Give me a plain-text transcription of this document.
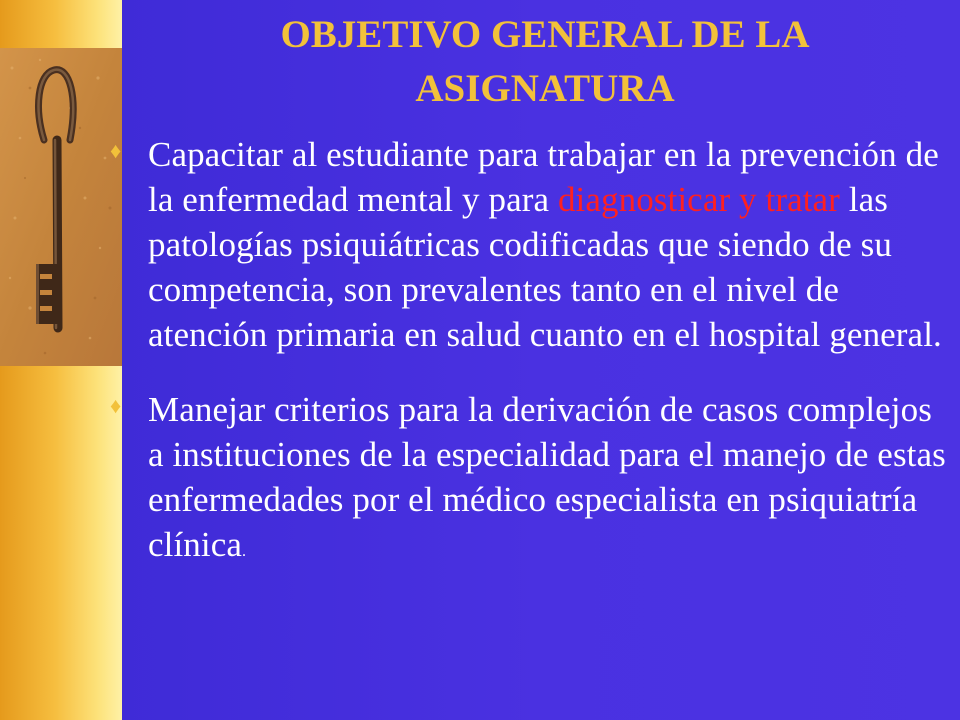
OBJETIVO GENERAL DE LA ASIGNATURA
♦ Capacitar al estudiante para trabajar en la prevención de la enfermedad mental y para diagnosticar y tratar las patologías psiquiátricas codificadas que siendo de su competencia, son prevalentes tanto en el nivel de atención primaria en salud cuanto en el hospital general.
♦ Manejar criterios para la derivación de casos complejos a instituciones de la especialidad para el manejo de estas enfermedades por el médico especialista en psiquiatría clínica.
